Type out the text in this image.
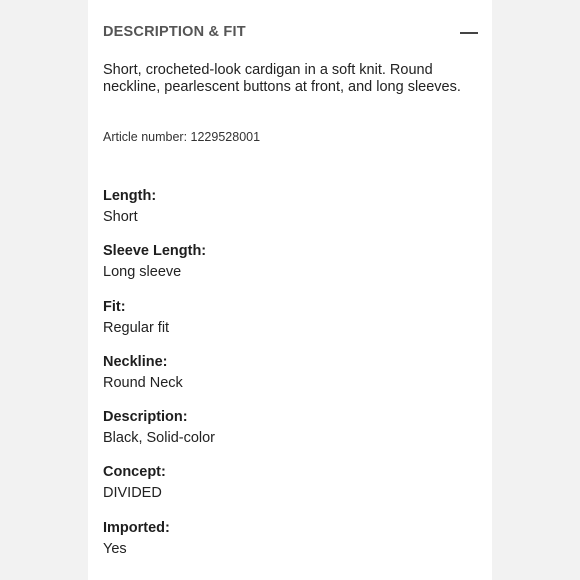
DESCRIPTION & FIT
Short, crocheted-look cardigan in a soft knit. Round neckline, pearlescent buttons at front, and long sleeves.
Article number: 1229528001
Length:
Short
Sleeve Length:
Long sleeve
Fit:
Regular fit
Neckline:
Round Neck
Description:
Black, Solid-color
Concept:
DIVIDED
Imported:
Yes
